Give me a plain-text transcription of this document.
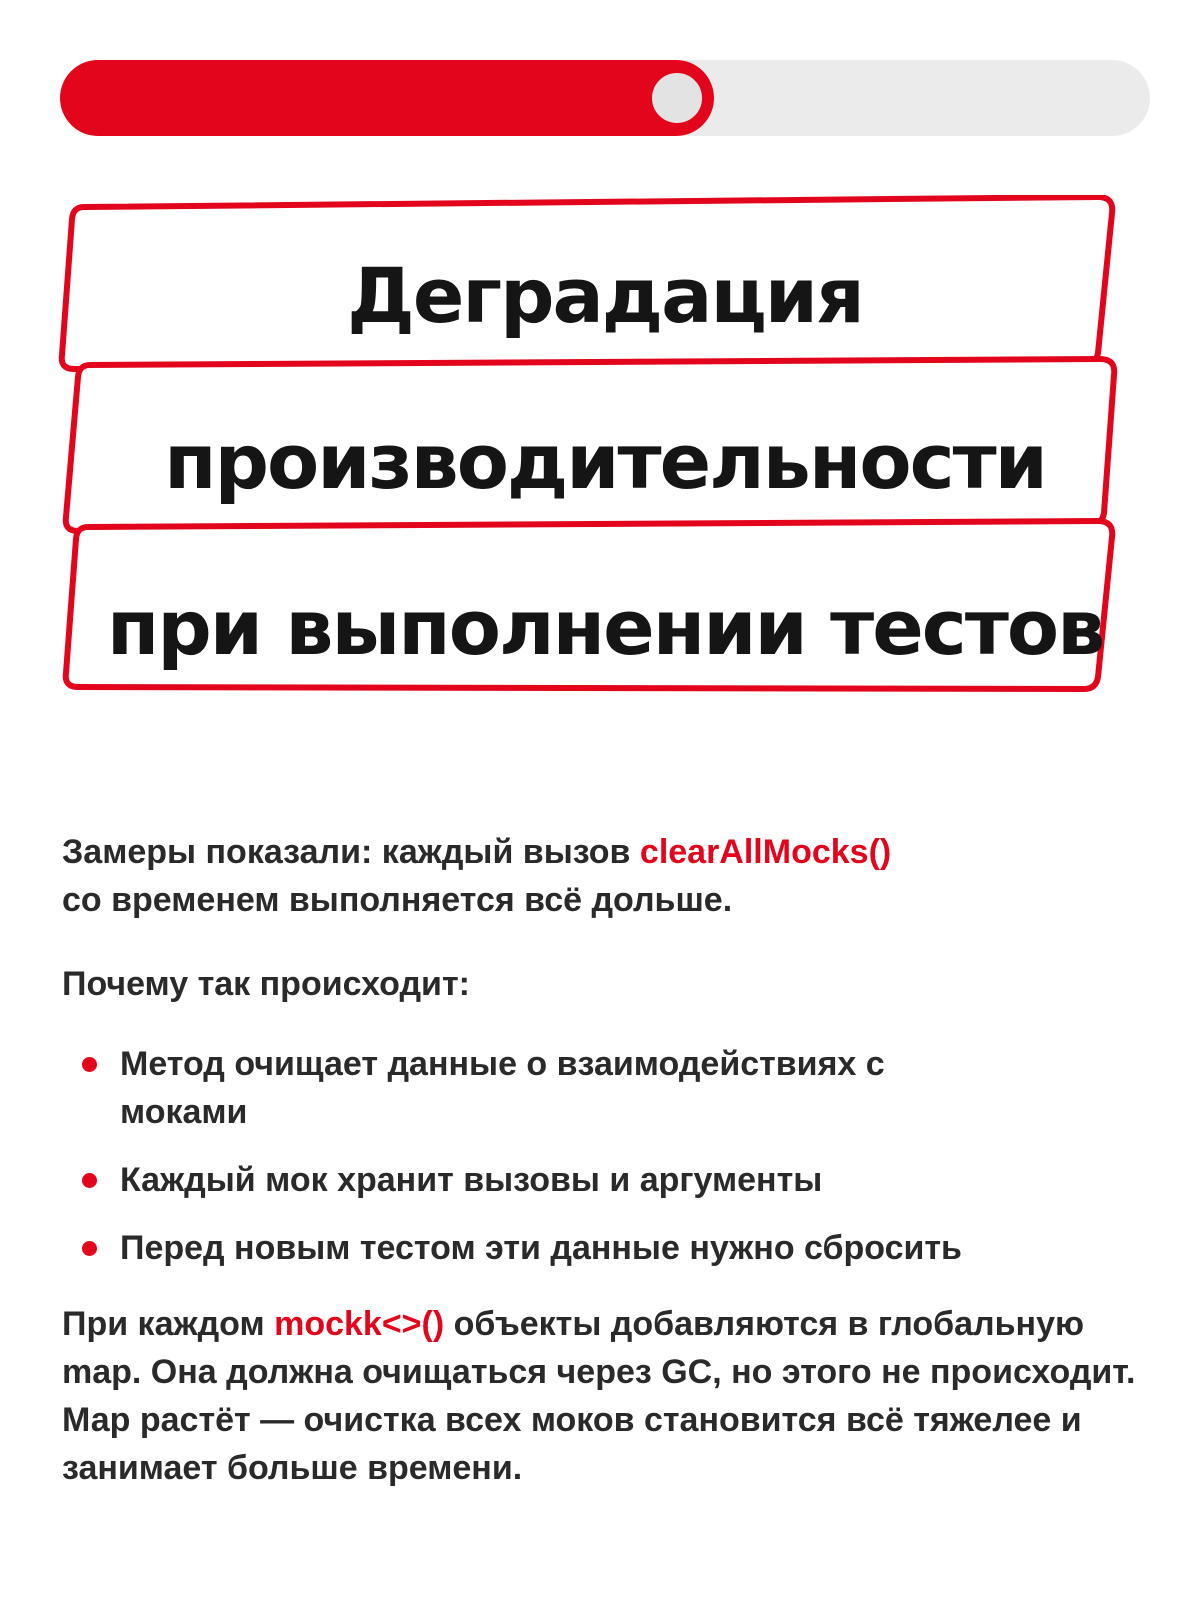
Деградация
производительности
при выполнении тестов

Замеры показали: каждый вызов clearAllMocks()
со временем выполняется всё дольше.

Почему так происходит:

Метод очищает данные о взаимодействиях с моками
Каждый мок хранит вызовы и аргументы
Перед новым тестом эти данные нужно сбросить

При каждом mockk<>() объекты добавляются в глобальную map. Она должна очищаться через GC, но этого не происходит. Мар растёт — очистка всех моков становится всё тяжелее и занимает больше времени.
